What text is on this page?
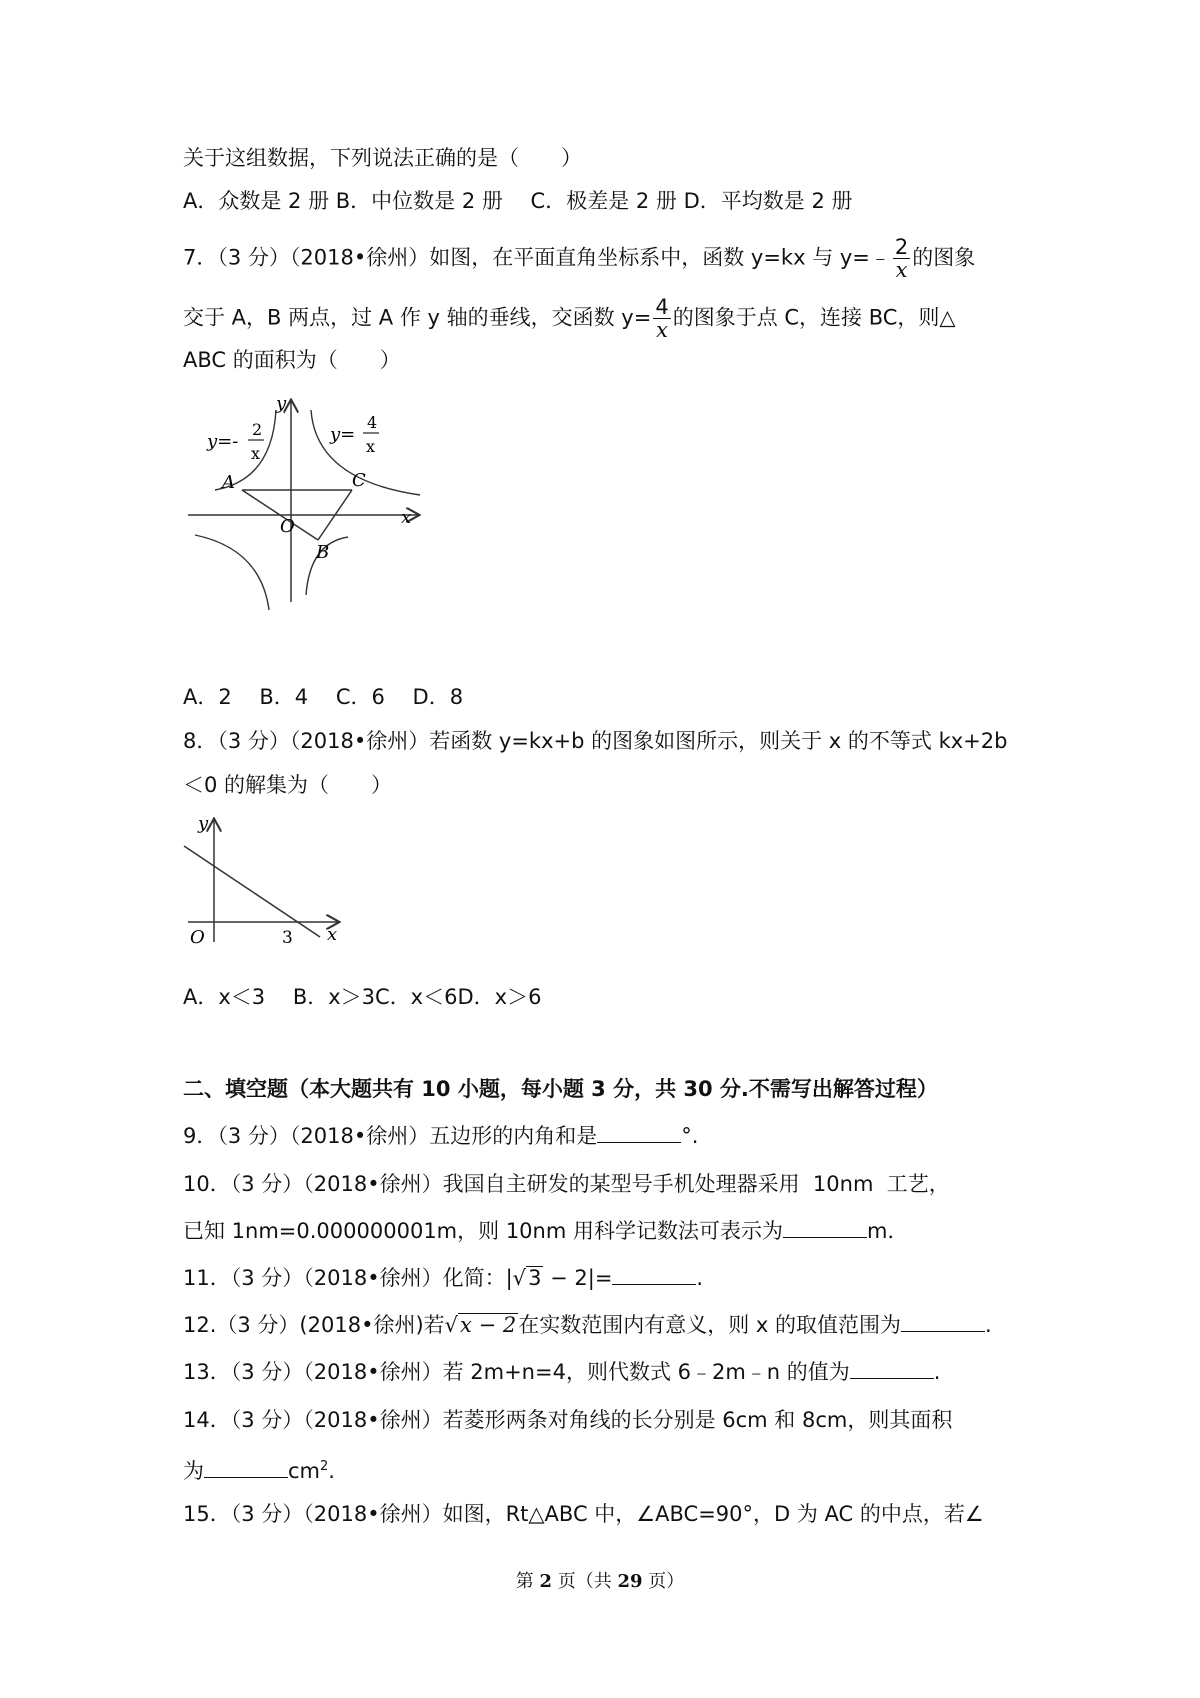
关于这组数据，下列说法正确的是（　　）
A．众数是 2 册 B．中位数是 2 册　 C．极差是 2 册 D．平均数是 2 册
7．（3 分）（2018•徐州）如图，在平面直角坐标系中，函数 y=kx 与 y=﹣ $\frac{2}{x}$ 的图象
交于 A，B 两点，过 A 作 y 轴的垂线，交函数 $y= \frac{4}{x}$ 的图象于点 C，连接 BC，则△
ABC 的面积为（　　）
y
x
O
A
B
C
y=-
2
x
y=
4
x
A．2　 B．4　 C．6　 D．8
8．（3 分）（2018•徐州）若函数 y=kx+b 的图象如图所示，则关于 x 的不等式 kx+2b
＜0 的解集为（　　）
y
x
O	3
A．x＜3　 B．x＞3C．x＜6D．x＞6
二、填空题（本大题共有 10 小题，每小题 3 分，共 30 分.不需写出解答过程）
9．（3 分）（2018•徐州）五边形的内角和是	°.
10．（3 分）（2018•徐州）我国自主研发的某型号手机处理器采用  10nm  工艺，
已知 1nm=0.000000001m，则 10nm 用科学记数法可表示为	m．
11．（3 分）（2018•徐州）化简：|√3 − 2|=	.
12.（3 分）(2018•徐州)若√x − 2在实数范围内有意义，则 x 的取值范围为	.
13．（3 分）（2018•徐州）若 2m+n=4，则代数式 6﹣2m﹣n 的值为	.
14．（3 分）（2018•徐州）若菱形两条对角线的长分别是 6cm 和 8cm，则其面积
为	$cm^2$.
15．（3 分）（2018•徐州）如图，Rt△ABC 中，∠ABC=90°，D 为 AC 的中点，若∠
第 2 页（共 29 页）
